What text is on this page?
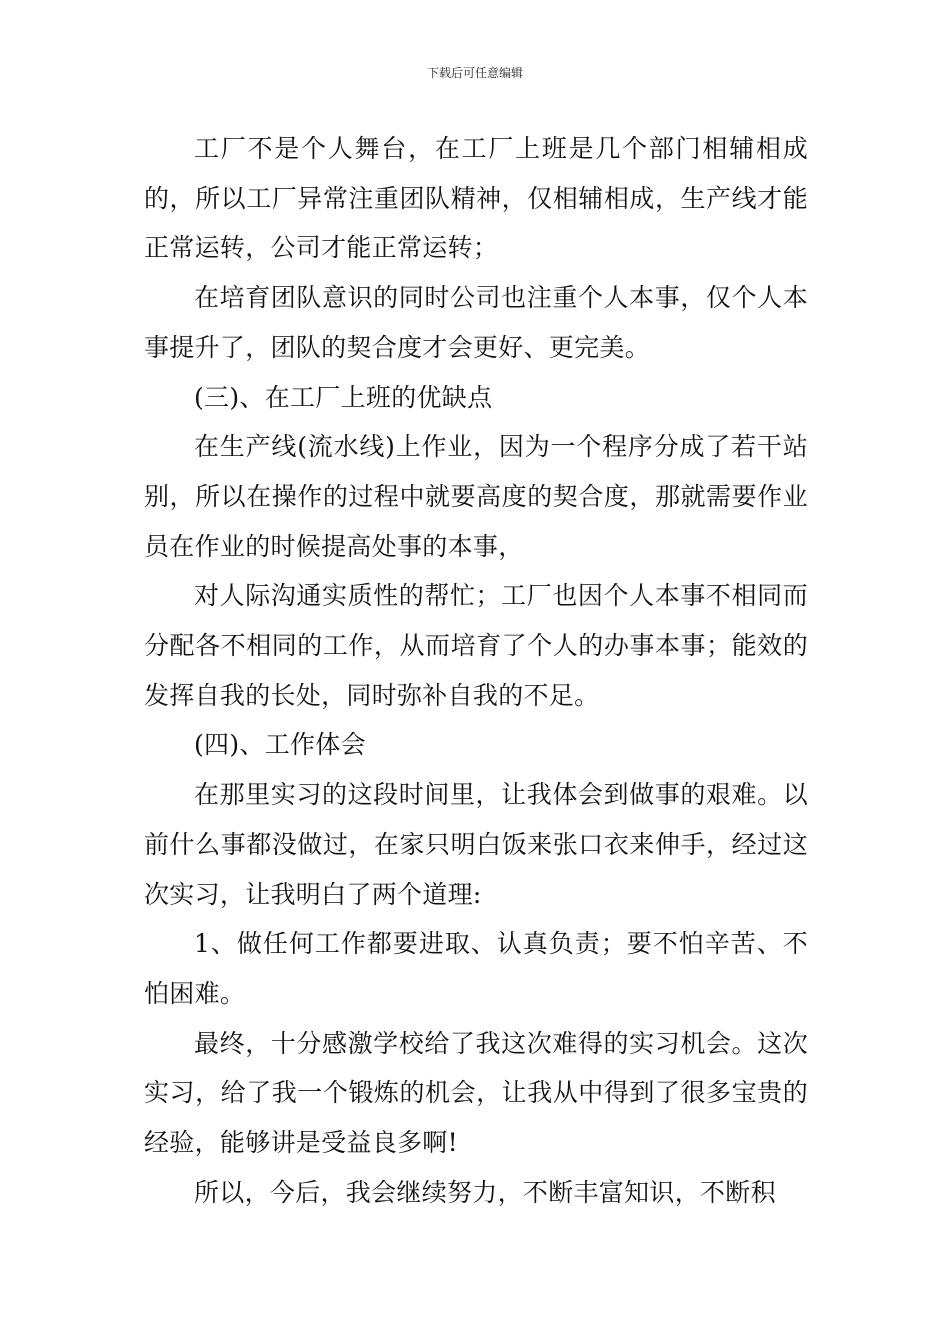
下载后可任意编辑

工厂不是个人舞台，在工厂上班是几个部门相辅相成的，所以工厂异常注重团队精神，仅相辅相成，生产线才能正常运转，公司才能正常运转；

在培育团队意识的同时公司也注重个人本事，仅个人本事提升了，团队的契合度才会更好、更完美。

(三)、在工厂上班的优缺点

在生产线(流水线)上作业，因为一个程序分成了若干站别，所以在操作的过程中就要高度的契合度，那就需要作业员在作业的时候提高处事的本事，

对人际沟通实质性的帮忙；工厂也因个人本事不相同而分配各不相同的工作，从而培育了个人的办事本事；能效的发挥自我的长处，同时弥补自我的不足。

(四)、工作体会

在那里实习的这段时间里，让我体会到做事的艰难。以前什么事都没做过，在家只明白饭来张口衣来伸手，经过这次实习，让我明白了两个道理:

1、做任何工作都要进取、认真负责；要不怕辛苦、不怕困难。

最终，十分感激学校给了我这次难得的实习机会。这次实习，给了我一个锻炼的机会，让我从中得到了很多宝贵的经验，能够讲是受益良多啊!

所以，今后，我会继续努力，不断丰富知识，不断积
